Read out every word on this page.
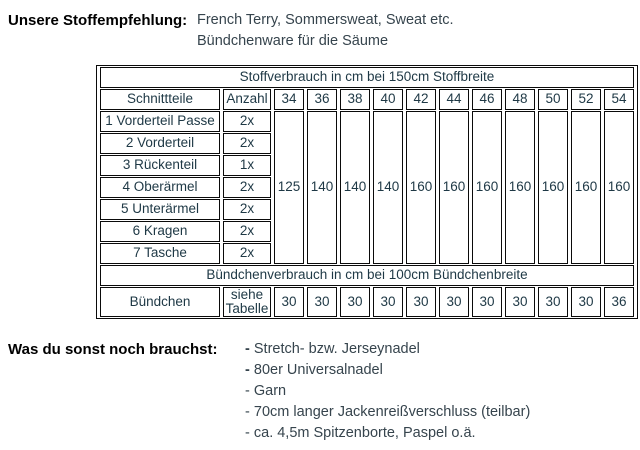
Unsere Stoffempfehlung: French Terry, Sommersweat, Sweat etc.
Bündchenware für die Säume
Stoffverbrauch in cm bei 150cm Stoffbreite												
Schnittteile	Anzahl	34	36	38	40	42	44	46	48	50	52	54
1 Vorderteil Passe	2x	125	140	140	140	160	160	160	160	160	160	160
2 Vorderteil	2x											
3 Rückenteil	1x											
4 Oberärmel	2x											
5 Unterärmel	2x											
6 Kragen	2x											
7 Tasche	2x											
Bündchenverbrauch in cm bei 100cm Bündchenbreite												
Bündchen	siehe Tabelle	30	30	30	30	30	30	30	30	30	30	36
Was du sonst noch brauchst:	- Stretch- bzw. Jerseynadel
- 80er Universalnadel
- Garn
- 70cm langer Jackenreißverschluss (teilbar)
- ca. 4,5m Spitzenborte, Paspel o.ä.
